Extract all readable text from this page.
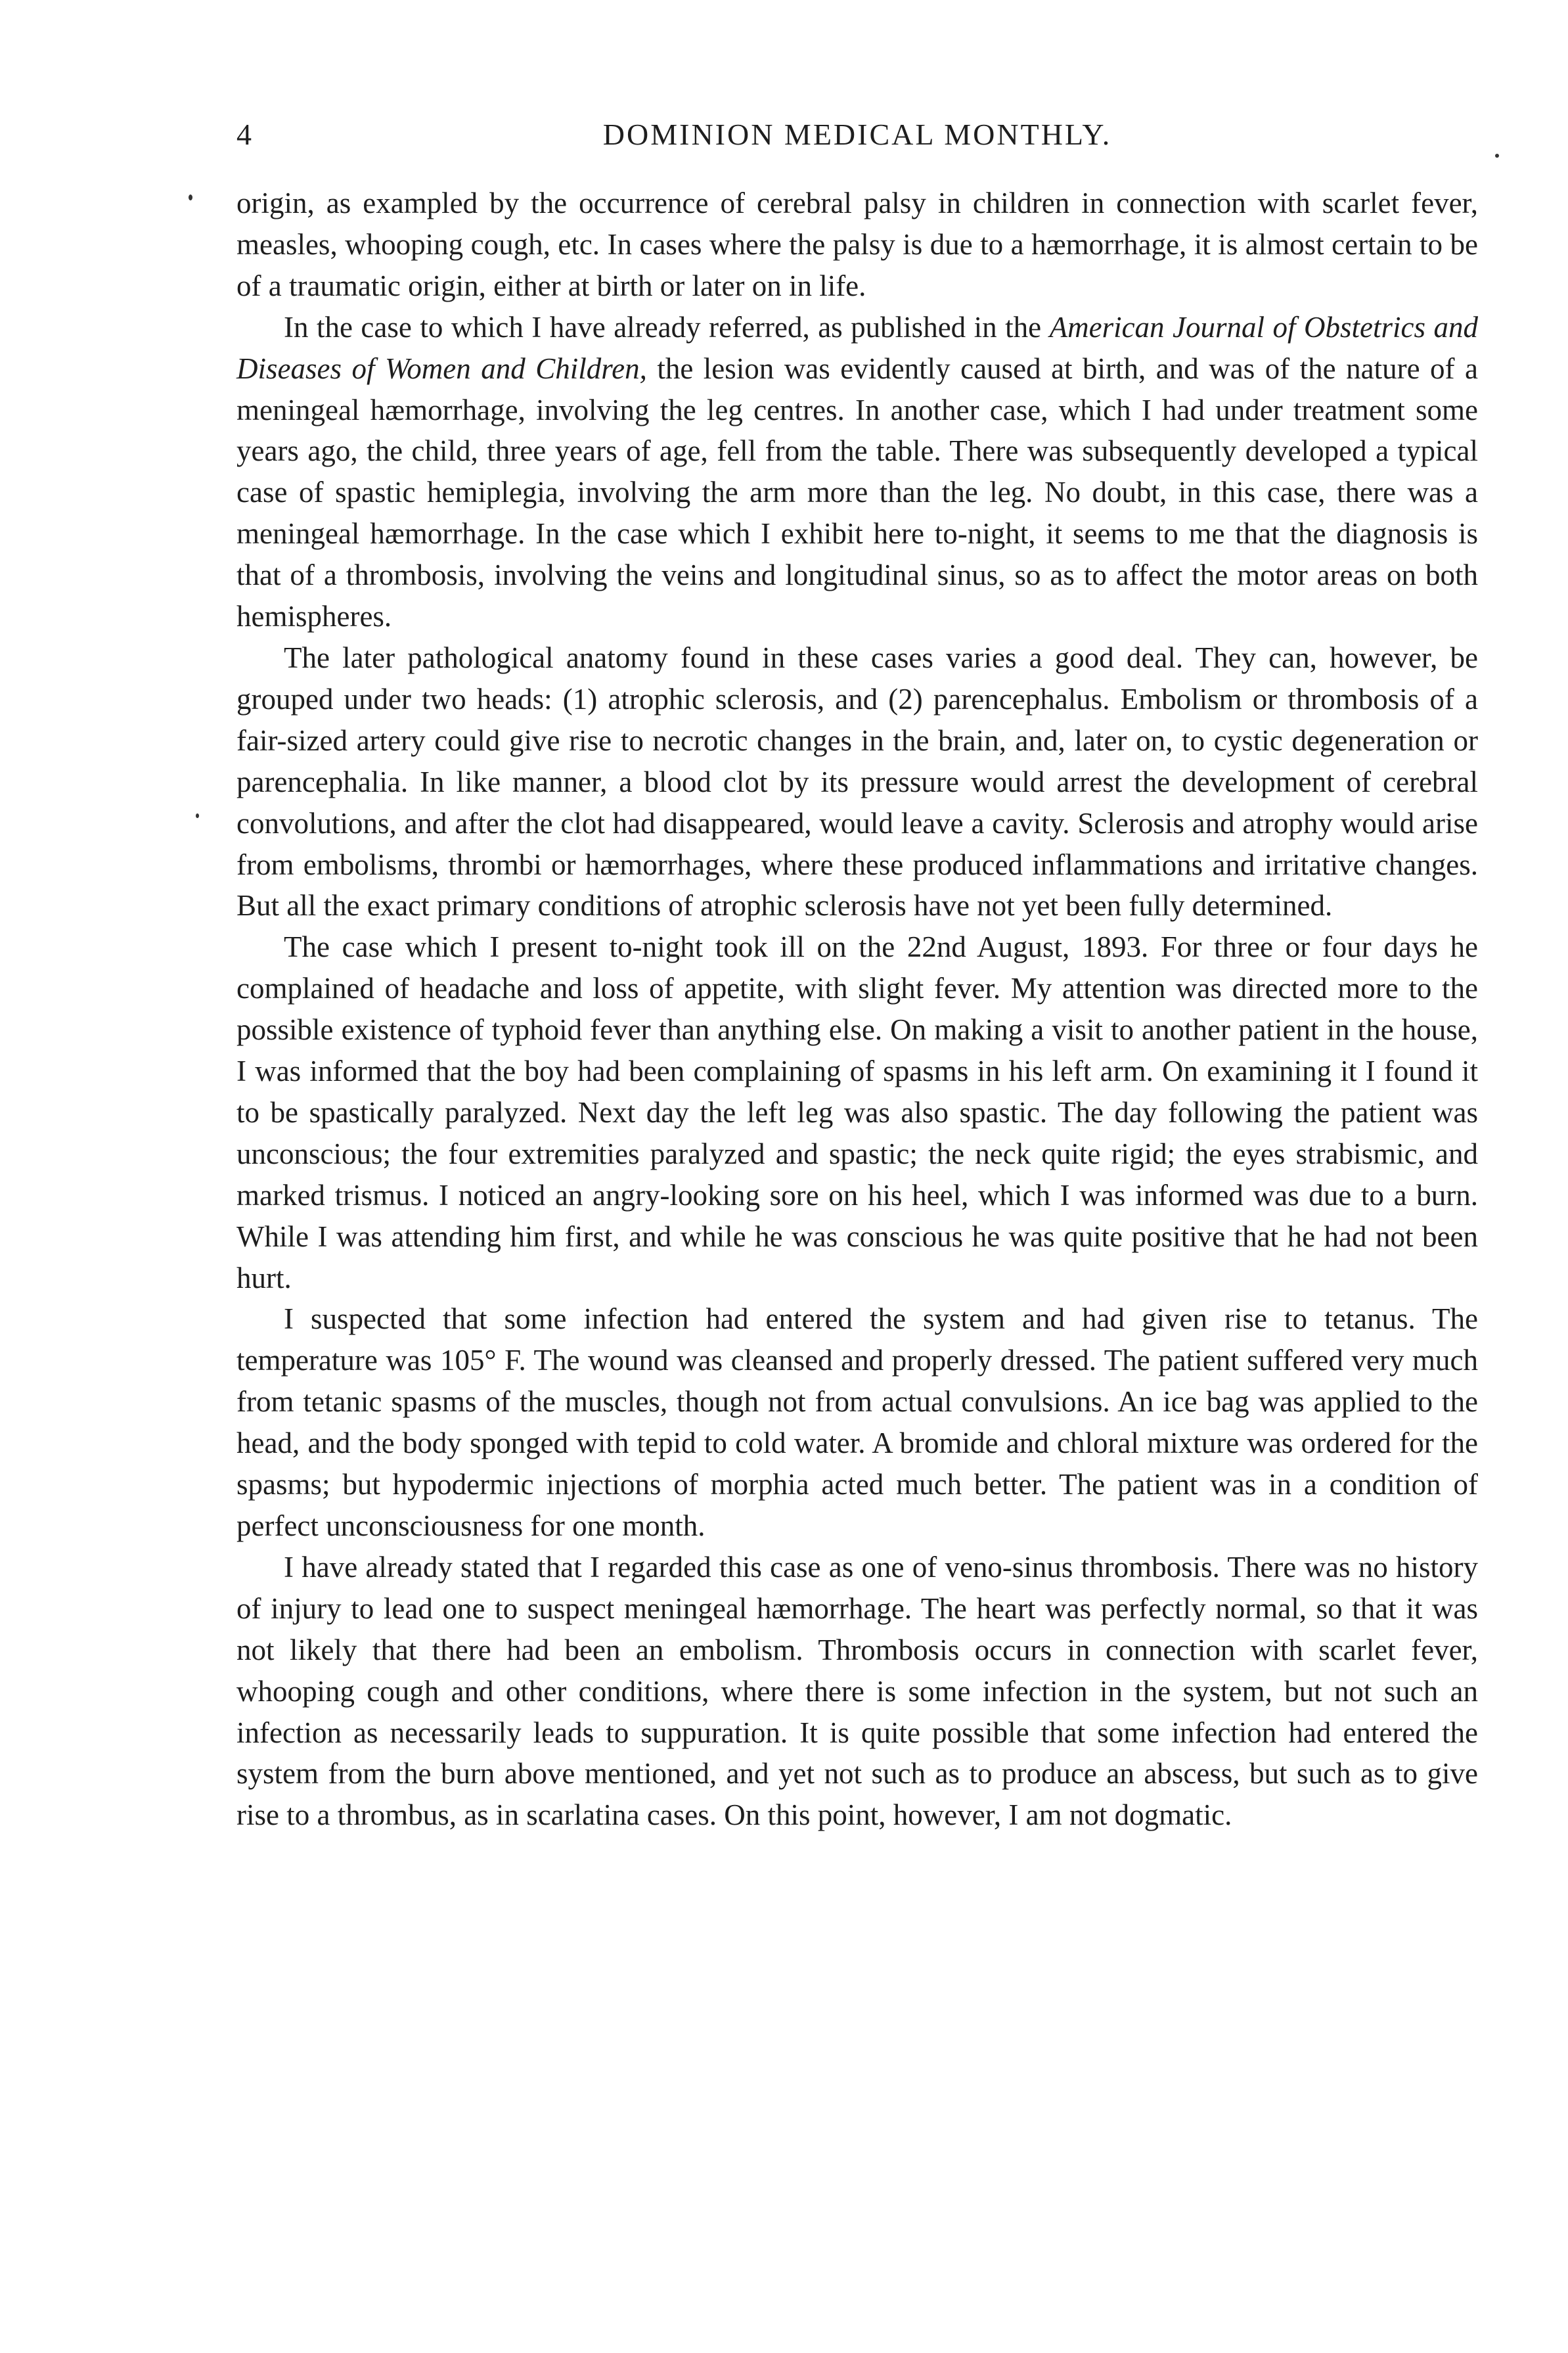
4	DOMINION MEDICAL MONTHLY.

origin, as exampled by the occurrence of cerebral palsy in children in connection with scarlet fever, measles, whooping cough, etc. In cases where the palsy is due to a hæmorrhage, it is almost certain to be of a traumatic origin, either at birth or later on in life.

In the case to which I have already referred, as published in the American Journal of Obstetrics and Diseases of Women and Children, the lesion was evidently caused at birth, and was of the nature of a meningeal hæmorrhage, involving the leg centres. In another case, which I had under treatment some years ago, the child, three years of age, fell from the table. There was subsequently developed a typical case of spastic hemiplegia, involving the arm more than the leg. No doubt, in this case, there was a meningeal hæmorrhage. In the case which I exhibit here to-night, it seems to me that the diagnosis is that of a thrombosis, involving the veins and longitudinal sinus, so as to affect the motor areas on both hemispheres.

The later pathological anatomy found in these cases varies a good deal. They can, however, be grouped under two heads: (1) atrophic sclerosis, and (2) parencephalus. Embolism or thrombosis of a fair-sized artery could give rise to necrotic changes in the brain, and, later on, to cystic degeneration or parencephalia. In like manner, a blood clot by its pressure would arrest the development of cerebral convolutions, and after the clot had disappeared, would leave a cavity. Sclerosis and atrophy would arise from embolisms, thrombi or hæmorrhages, where these produced inflammations and irritative changes. But all the exact primary conditions of atrophic sclerosis have not yet been fully determined.

The case which I present to-night took ill on the 22nd August, 1893. For three or four days he complained of headache and loss of appetite, with slight fever. My attention was directed more to the possible existence of typhoid fever than anything else. On making a visit to another patient in the house, I was informed that the boy had been complaining of spasms in his left arm. On examining it I found it to be spastically paralyzed. Next day the left leg was also spastic. The day following the patient was unconscious; the four extremities paralyzed and spastic; the neck quite rigid; the eyes strabismic, and marked trismus. I noticed an angry-looking sore on his heel, which I was informed was due to a burn. While I was attending him first, and while he was conscious he was quite positive that he had not been hurt.

I suspected that some infection had entered the system and had given rise to tetanus. The temperature was 105° F. The wound was cleansed and properly dressed. The patient suffered very much from tetanic spasms of the muscles, though not from actual convulsions. An ice bag was applied to the head, and the body sponged with tepid to cold water. A bromide and chloral mixture was ordered for the spasms; but hypodermic injections of morphia acted much better. The patient was in a condition of perfect unconsciousness for one month.

I have already stated that I regarded this case as one of veno-sinus thrombosis. There was no history of injury to lead one to suspect meningeal hæmorrhage. The heart was perfectly normal, so that it was not likely that there had been an embolism. Thrombosis occurs in connection with scarlet fever, whooping cough and other conditions, where there is some infection in the system, but not such an infection as necessarily leads to suppuration. It is quite possible that some infection had entered the system from the burn above mentioned, and yet not such as to produce an abscess, but such as to give rise to a thrombus, as in scarlatina cases. On this point, however, I am not dogmatic.
